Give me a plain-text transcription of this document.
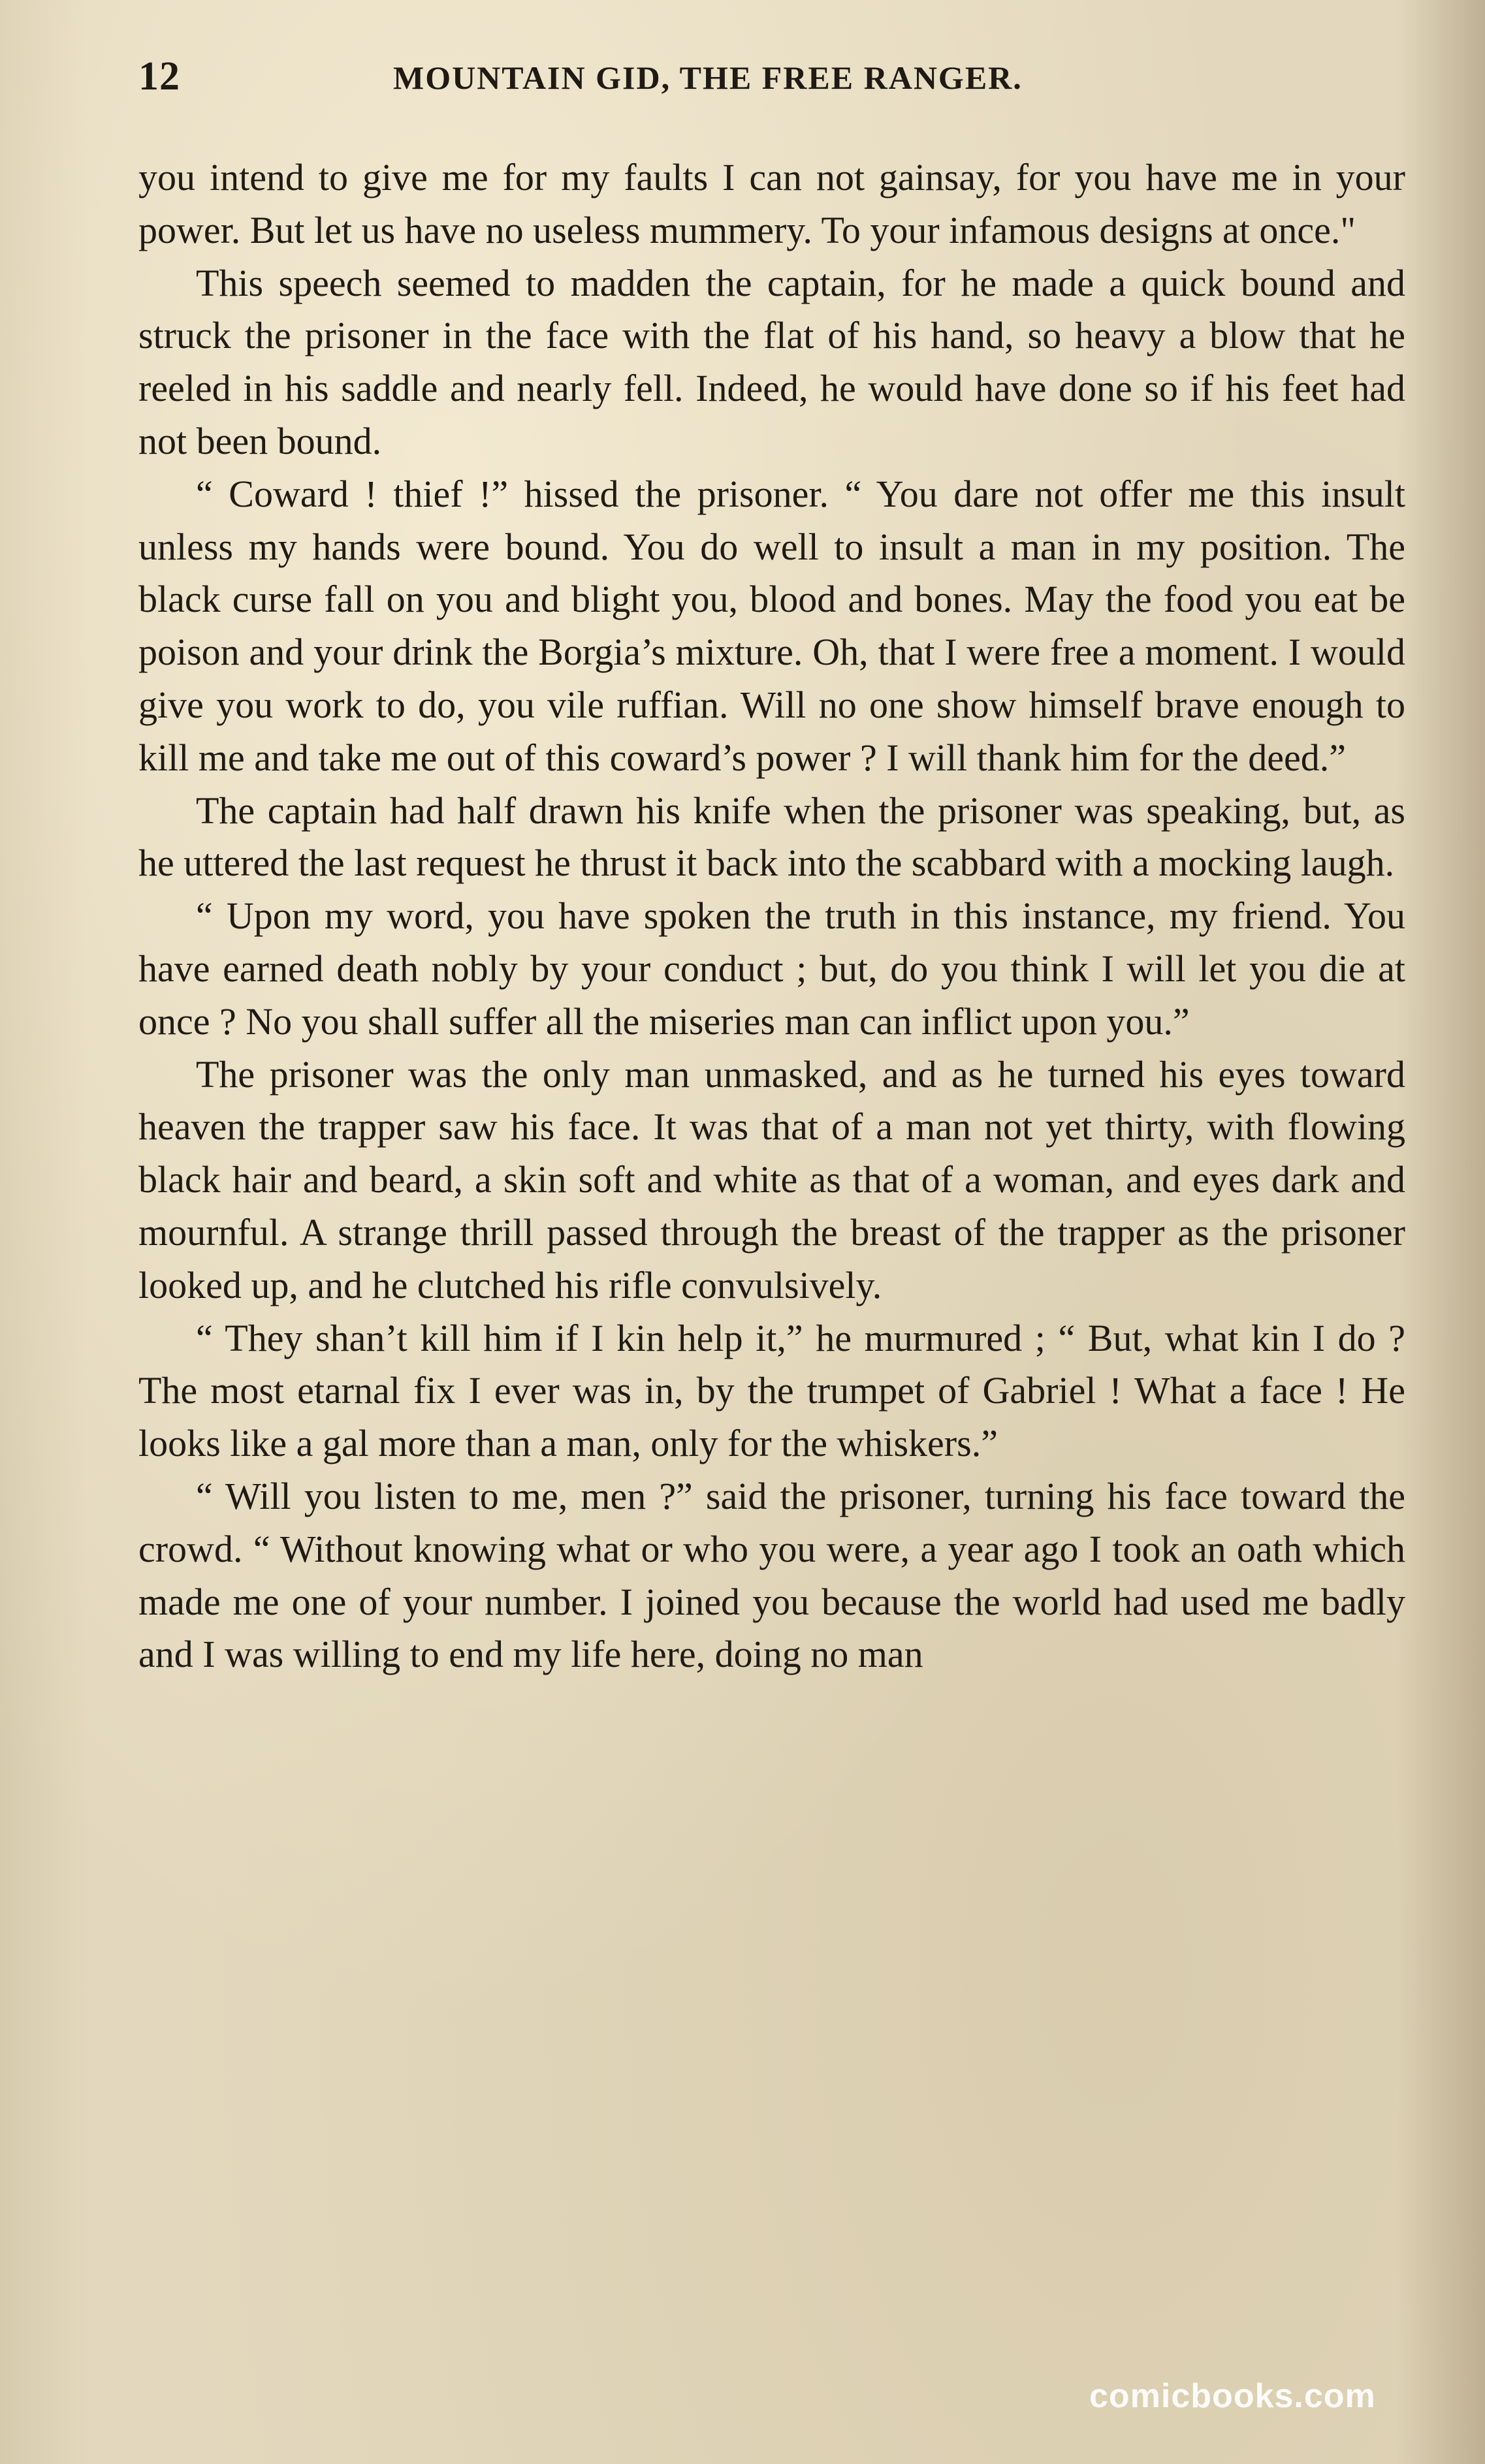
12	MOUNTAIN GID, THE FREE RANGER.

you intend to give me for my faults I can not gainsay, for you have me in your power. But let us have no useless mummery. To your infamous designs at once."

This speech seemed to madden the captain, for he made a quick bound and struck the prisoner in the face with the flat of his hand, so heavy a blow that he reeled in his saddle and nearly fell. Indeed, he would have done so if his feet had not been bound.

“ Coward ! thief !” hissed the prisoner. “ You dare not offer me this insult unless my hands were bound. You do well to insult a man in my position. The black curse fall on you and blight you, blood and bones. May the food you eat be poison and your drink the Borgia’s mixture. Oh, that I were free a moment. I would give you work to do, you vile ruffian. Will no one show himself brave enough to kill me and take me out of this coward’s power ? I will thank him for the deed.”

The captain had half drawn his knife when the prisoner was speaking, but, as he uttered the last request he thrust it back into the scabbard with a mocking laugh.

“ Upon my word, you have spoken the truth in this instance, my friend. You have earned death nobly by your conduct ; but, do you think I will let you die at once ? No you shall suffer all the miseries man can inflict upon you.”

The prisoner was the only man unmasked, and as he turned his eyes toward heaven the trapper saw his face. It was that of a man not yet thirty, with flowing black hair and beard, a skin soft and white as that of a woman, and eyes dark and mournful. A strange thrill passed through the breast of the trapper as the prisoner looked up, and he clutched his rifle convulsively.

“ They shan’t kill him if I kin help it,” he murmured ; “ But, what kin I do ? The most etarnal fix I ever was in, by the trumpet of Gabriel ! What a face ! He looks like a gal more than a man, only for the whiskers.”

“ Will you listen to me, men ?” said the prisoner, turning his face toward the crowd. “ Without knowing what or who you were, a year ago I took an oath which made me one of your number. I joined you because the world had used me badly and I was willing to end my life here, doing no man

comicbooks.com
